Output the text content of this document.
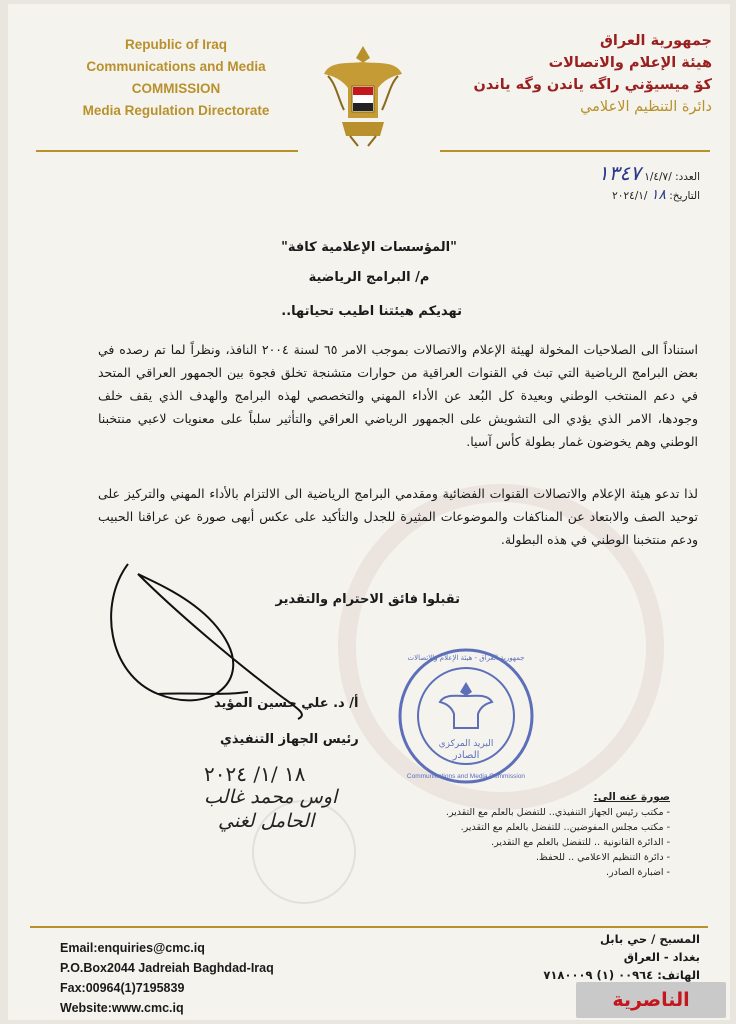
Republic of Iraq
Communications and Media
COMMISSION
Media Regulation Directorate
جمهورية العراق
هيئة الإعلام والاتصالات
كۆ ميسيۆني راگه ياندن وگه ياندن
دائرة التنظيم الاعلامي
العدد: /١/٤/٧ ١٣٤٧
التاريخ: ١٨ /٢٠٢٤/١
"المؤسسات الإعلامية كافة"
م/ البرامج الرياضية
تهديكم هيئتنا اطيب تحياتها..
استناداً الى الصلاحيات المخولة لهيئة الإعلام والاتصالات بموجب الامر ٦٥ لسنة ٢٠٠٤ النافذ، ونظراً لما تم رصده في بعض البرامج الرياضية التي تبث في القنوات العراقية من حوارات متشنجة تخلق فجوة بين الجمهور العراقي المتحد في دعم المنتخب الوطني وبعيدة كل البُعد عن الأداء المهني والتخصصي لهذه البرامج والهدف الذي يقف خلف وجودها، الامر الذي يؤدي الى التشويش على الجمهور الرياضي العراقي والتأثير سلباً على معنويات لاعبي منتخبنا الوطني وهم يخوضون غمار بطولة كأس آسيا.
لذا تدعو هيئة الإعلام والاتصالات القنوات الفضائية ومقدمي البرامج الرياضية الى الالتزام بالأداء المهني والتركيز على توحيد الصف والابتعاد عن المناكفات والموضوعات المثيرة للجدل والتأكيد على عكس أبهى صورة عن عراقنا الحبيب ودعم منتخبنا الوطني في هذه البطولة.
تقبلوا فائق الاحترام والتقدير
أ/ د. علي حسين المؤيد
رئيس الجهاز التنفيذي
١٨ /١/ ٢٠٢٤
اوس محمد غالب
الحامل لغني
البريد المركزي
الصادر
جمهورية العراق - هيئة الإعلام والاتصالات
Communications and Media Commission
صورة عنه الى:
- مكتب رئيس الجهاز التنفيذي.. للتفضل بالعلم مع التقدير.
- مكتب مجلس المفوضين.. للتفضل بالعلم مع التقدير.
- الدائرة القانونية .. للتفضل بالعلم مع التقدير.
- دائرة التنظيم الاعلامي .. للحفظ.
- اضبارة الصادر.
Email:enquiries@cmc.iq
P.O.Box2044 Jadreiah Baghdad-Iraq
Fax:00964(1)7195839
Website:www.cmc.iq
المسبح / حي بابل
بغداد - العراق
الهاتف: ٠٠٩٦٤ (١) ٧١٨٠٠٠٩
الناصرية
